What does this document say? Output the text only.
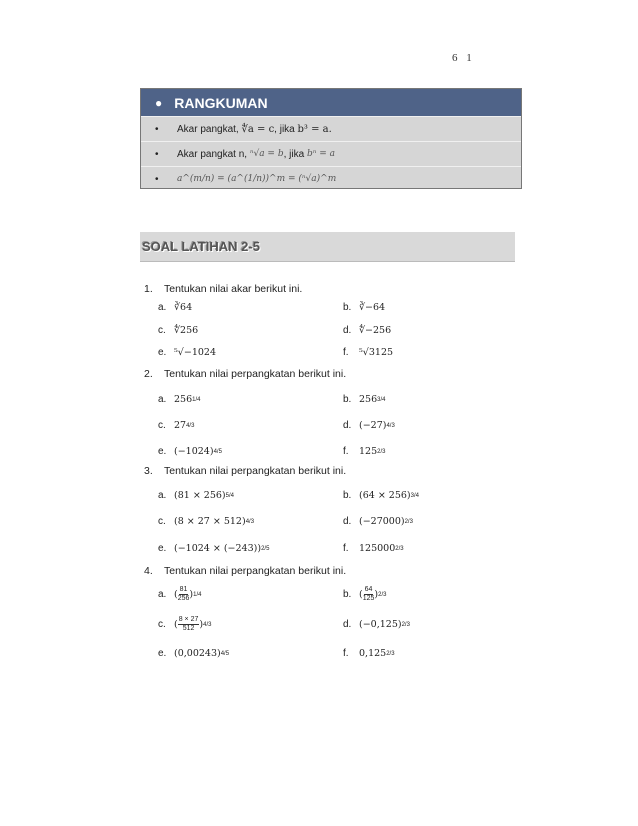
6 1
● RANGKUMAN
•	Akar pangkat,
∜a = c , jika
b³ = a.
•	Akar pangkat n,
ⁿ√a = b , jika
bⁿ = a
•	a^(m/n) = (a^(1/n))^m = (ⁿ√a)^m
SOAL LATIHAN 2-5
1. Tentukan nilai akar berikut ini.
a. ∛64	b. ∛−64
c. ∜256	d. ∜−256
e. ⁵√−1024	f.	⁵√3125
2. Tentukan nilai perpangkatan berikut ini.
a. 256 1/4	b. 256 3/4
c. 27 4/3	d. (−27) 4/3
e. (−1024) 4/5	f.	125 2/3
3. Tentukan nilai perpangkatan berikut ini.
a. (81 × 256) 5/4	b. (64 × 256) 3/4
c. (8 × 27 × 512) 4/3	d. (−27000) 2/3
e. (−1024 × (−243)) 2/5	f.	125000 2/3
4. Tentukan nilai perpangkatan berikut ini.
a. ( $\frac{81}{256}$ ) 1/4	b. ( $\frac{64}{125}$ ) 2/3
c. ( $\frac{8 \times 27}{512}$ ) 4/3	d. (−0,125) 2/3
e. (0,00243) 4/5	f.	0,125 2/3
